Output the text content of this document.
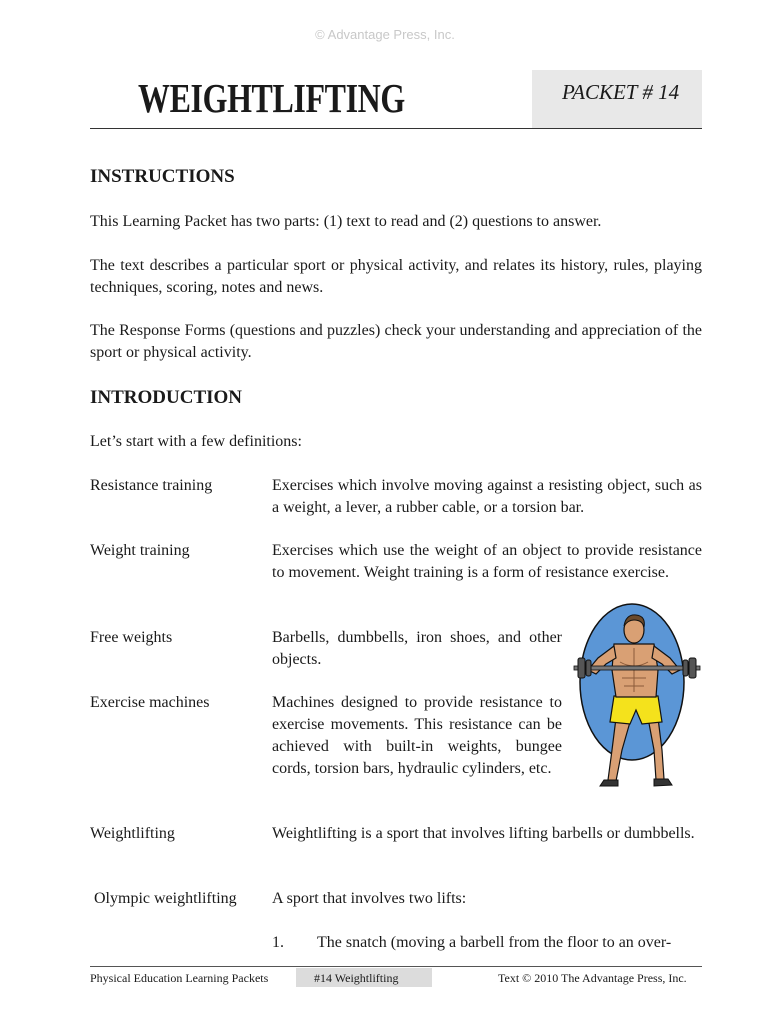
© Advantage Press, Inc.
WEIGHTLIFTING	PACKET # 14
INSTRUCTIONS
This Learning Packet has two parts: (1) text to read and (2) questions to answer.
The text describes a particular sport or physical activity, and relates its history, rules, playing techniques, scoring, notes and news.
The Response Forms (questions and puzzles) check your understanding and appreciation of the sport or physical activity.
INTRODUCTION
Let’s start with a few definitions:
Resistance training	Exercises which involve moving against a resisting object, such as a weight, a lever, a rubber cable, or a torsion bar.
Weight training	Exercises which use the weight of an object to provide resistance to movement. Weight training is a form of resistance exercise.
Free weights	Barbells, dumbbells, iron shoes, and other objects.
Exercise machines	Machines designed to provide resistance to exercise movements. This resistance can be achieved with built-in weights, bungee cords, torsion bars, hydraulic cylinders, etc.
Weightlifting	Weightlifting is a sport that involves lifting barbells or dumbbells.
Olympic weightlifting A sport that involves two lifts:
1. The snatch (moving a barbell from the floor to an over-
Physical Education Learning Packets	#14 Weightlifting	Text © 2010 The Advantage Press, Inc.
